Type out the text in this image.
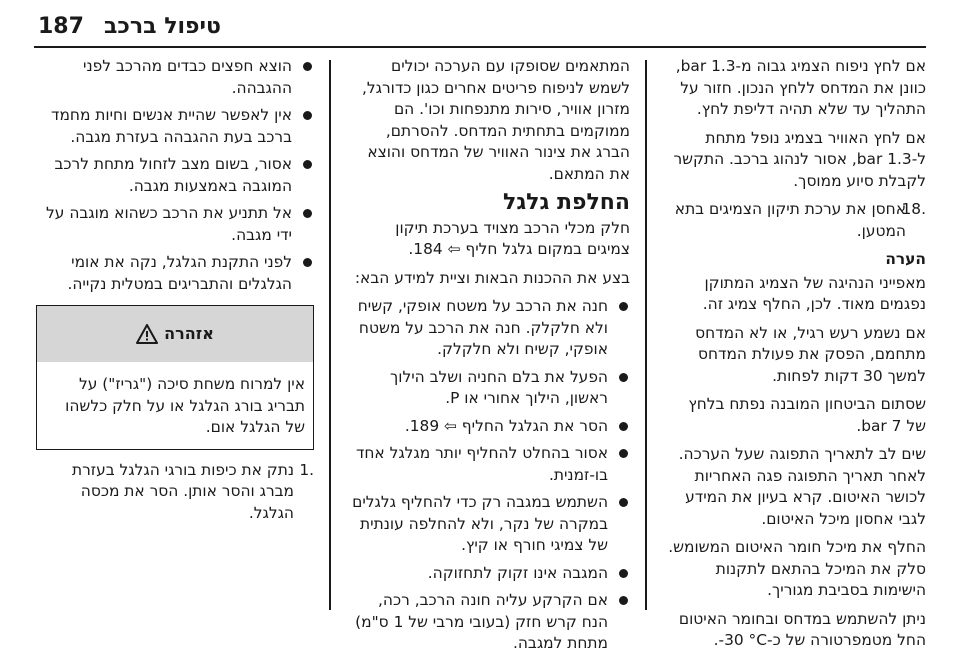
טיפול ברכב
187

אם לחץ ניפוח הצמיג גבוה מ-1.3 bar, כוונן את המדחס ללחץ הנכון. חזור על התהליך עד שלא תהיה דליפת לחץ.

אם לחץ האוויר בצמיג נופל מתחת ל-1.3 bar, אסור לנהוג ברכב. התקשר לקבלת סיוע ממוסך.

18.
אחסן את ערכת תיקון הצמיגים בתא המטען.

הערה

מאפייני הנהיגה של הצמיג המתוקן נפגמים מאוד. לכן, החלף צמיג זה.

אם נשמע רעש רגיל, או לא המדחס מתחמם, הפסק את פעולת המדחס למשך 30 דקות לפחות.

שסתום הביטחון המובנה נפתח בלחץ של 7 bar.

שים לב לתאריך התפוגה שעל הערכה. לאחר תאריך התפוגה פגה האחריות לכושר האיטום. קרא בעיון את המידע לגבי אחסון מיכל האיטום.

החלף את מיכל חומר האיטום המשומש. סלק את המיכל בהתאם לתקנות הישימות בסביבת מגוריך.

ניתן להשתמש במדחס ובחומר האיטום החל מטמפרטורה של כ-‎-30 °C.

המתאמים שסופקו עם הערכה יכולים לשמש לניפוח פריטים אחרים כגון כדורגל, מזרון אוויר, סירות מתנפחות וכו'. הם ממוקמים בתחתית המדחס. להסרתם, הברג את צינור האוויר של המדחס והוצא את המתאם.

החלפת גלגל

חלק מכלי הרכב מצויד בערכת תיקון צמיגים במקום גלגל חליף ⇦ 184.

בצע את ההכנות הבאות וציית למידע הבא:

חנה את הרכב על משטח אופקי, קשיח ולא חלקלק. חנה את הרכב על משטח אופקי, קשיח ולא חלקלק.
הפעל את בלם החניה ושלב הילוך ראשון, הילוך אחורי או P.
הסר את הגלגל החליף ⇦ 189.
אסור בהחלט להחליף יותר מגלגל אחד בו-זמנית.
השתמש במגבה רק כדי להחליף גלגלים במקרה של נקר, ולא להחלפה עונתית של צמיגי חורף או קיץ.
המגבה אינו זקוק לתחזוקה.
אם הקרקע עליה חונה הרכב, רכה, הנח קרש חזק (בעובי מרבי של 1 ס"מ) מתחת למגבה.
הוצא חפצים כבדים מהרכב לפני ההגבהה.
אין לאפשר שהיית אנשים וחיות מחמד ברכב בעת ההגבהה בעזרת מגבה.
אסור, בשום מצב לזחול מתחת לרכב המוגבה באמצעות מגבה.
אל תתניע את הרכב כשהוא מוגבה על ידי מגבה.
לפני התקנת הגלגל, נקה את אומי הגלגלים והתבריגים במטלית נקייה.
אזהרה
אין למרוח משחת סיכה ("גריז") על תבריג בורג הגלגל או על חלק כלשהו של הגלגל אום.

1.
נתק את כיפות בורגי הגלגל בעזרת מברג והסר אותן. הסר את מכסה הגלגל.
